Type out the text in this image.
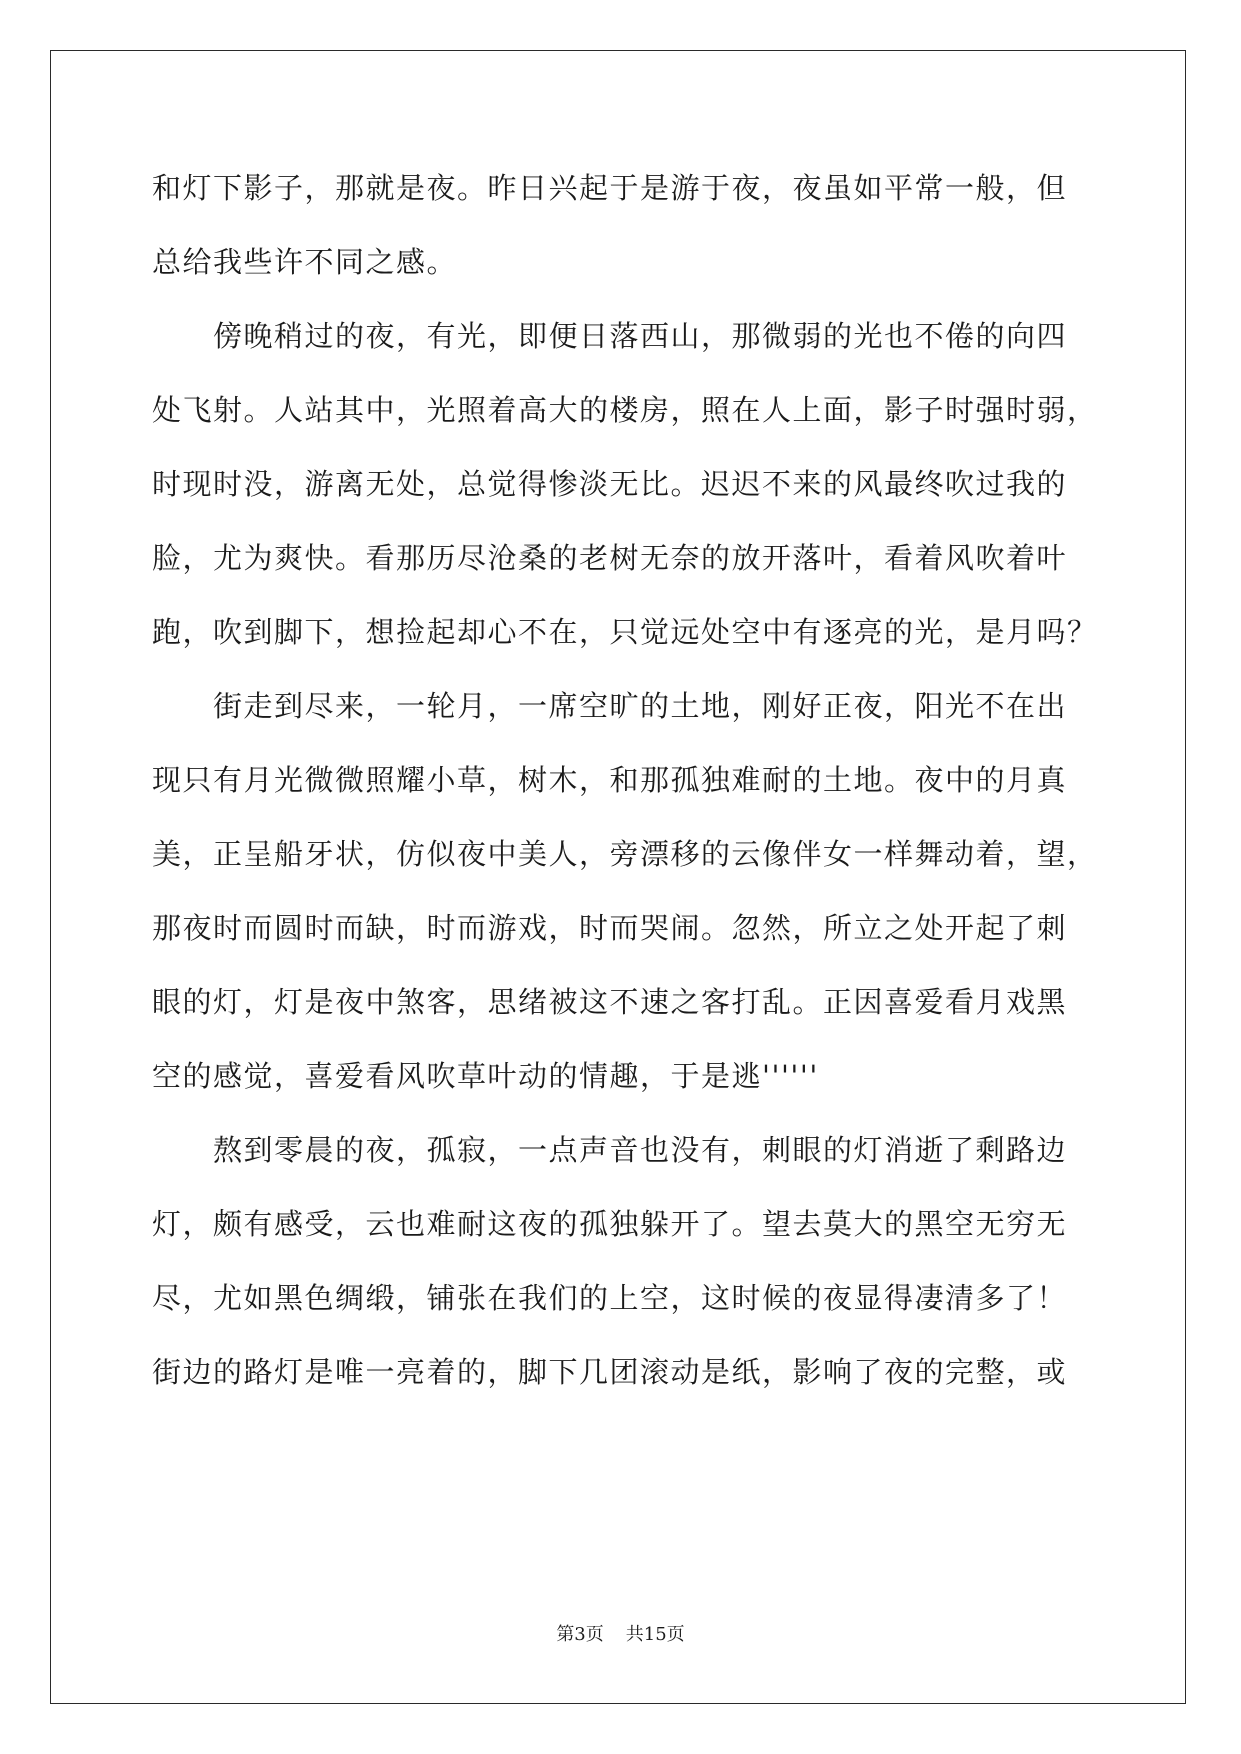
和灯下影子，那就是夜。昨日兴起于是游于夜，夜虽如平常一般，但
总给我些许不同之感。
傍晚稍过的夜，有光，即便日落西山，那微弱的光也不倦的向四
处飞射。人站其中，光照着高大的楼房，照在人上面，影子时强时弱，
时现时没，游离无处，总觉得惨淡无比。迟迟不来的风最终吹过我的
脸，尤为爽快。看那历尽沧桑的老树无奈的放开落叶，看着风吹着叶
跑，吹到脚下，想捡起却心不在，只觉远处空中有逐亮的光，是月吗？
街走到尽来，一轮月，一席空旷的土地，刚好正夜，阳光不在出
现只有月光微微照耀小草，树木，和那孤独难耐的土地。夜中的月真
美，正呈船牙状，仿似夜中美人，旁漂移的云像伴女一样舞动着，望，
那夜时而圆时而缺，时而游戏，时而哭闹。忽然，所立之处开起了刺
眼的灯，灯是夜中煞客，思绪被这不速之客打乱。正因喜爱看月戏黑
空的感觉，喜爱看风吹草叶动的情趣，于是逃''''''
熬到零晨的夜，孤寂，一点声音也没有，刺眼的灯消逝了剩路边
灯，颇有感受，云也难耐这夜的孤独躲开了。望去莫大的黑空无穷无
尽，尤如黑色绸缎，铺张在我们的上空，这时候的夜显得凄清多了！
街边的路灯是唯一亮着的，脚下几团滚动是纸，影响了夜的完整，或
第3页 共15页
